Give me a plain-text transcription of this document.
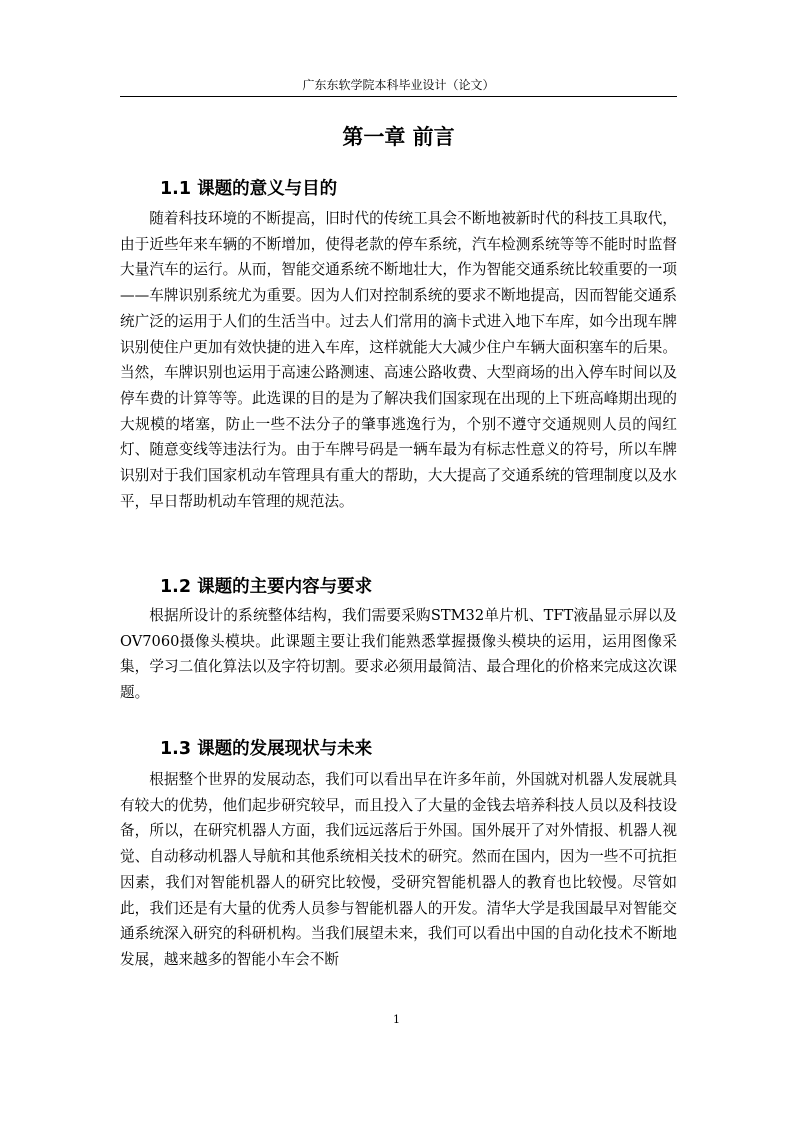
广东东软学院本科毕业设计（论文）
第一章 前言
1.1 课题的意义与目的
随着科技环境的不断提高，旧时代的传统工具会不断地被新时代的科技工具取代，由于近些年来车辆的不断增加，使得老款的停车系统，汽车检测系统等等不能时时监督大量汽车的运行。从而，智能交通系统不断地壮大，作为智能交通系统比较重要的一项——车牌识别系统尤为重要。因为人们对控制系统的要求不断地提高，因而智能交通系统广泛的运用于人们的生活当中。过去人们常用的滴卡式进入地下车库，如今出现车牌识别使住户更加有效快捷的进入车库，这样就能大大减少住户车辆大面积塞车的后果。当然，车牌识别也运用于高速公路测速、高速公路收费、大型商场的出入停车时间以及停车费的计算等等。此选课的目的是为了解决我们国家现在出现的上下班高峰期出现的大规模的堵塞，防止一些不法分子的肇事逃逸行为，个别不遵守交通规则人员的闯红灯、随意变线等违法行为。由于车牌号码是一辆车最为有标志性意义的符号，所以车牌识别对于我们国家机动车管理具有重大的帮助，大大提高了交通系统的管理制度以及水平，早日帮助机动车管理的规范法。
1.2 课题的主要内容与要求
根据所设计的系统整体结构，我们需要采购STM32单片机、TFT液晶显示屏以及OV7060摄像头模块。此课题主要让我们能熟悉掌握摄像头模块的运用，运用图像采集，学习二值化算法以及字符切割。要求必须用最简洁、最合理化的价格来完成这次课题。
1.3 课题的发展现状与未来
根据整个世界的发展动态，我们可以看出早在许多年前，外国就对机器人发展就具有较大的优势，他们起步研究较早，而且投入了大量的金钱去培养科技人员以及科技设备，所以，在研究机器人方面，我们远远落后于外国。国外展开了对外情报、机器人视觉、自动移动机器人导航和其他系统相关技术的研究。然而在国内，因为一些不可抗拒因素，我们对智能机器人的研究比较慢，受研究智能机器人的教育也比较慢。尽管如此，我们还是有大量的优秀人员参与智能机器人的开发。清华大学是我国最早对智能交通系统深入研究的科研机构。当我们展望未来，我们可以看出中国的自动化技术不断地发展，越来越多的智能小车会不断
1
